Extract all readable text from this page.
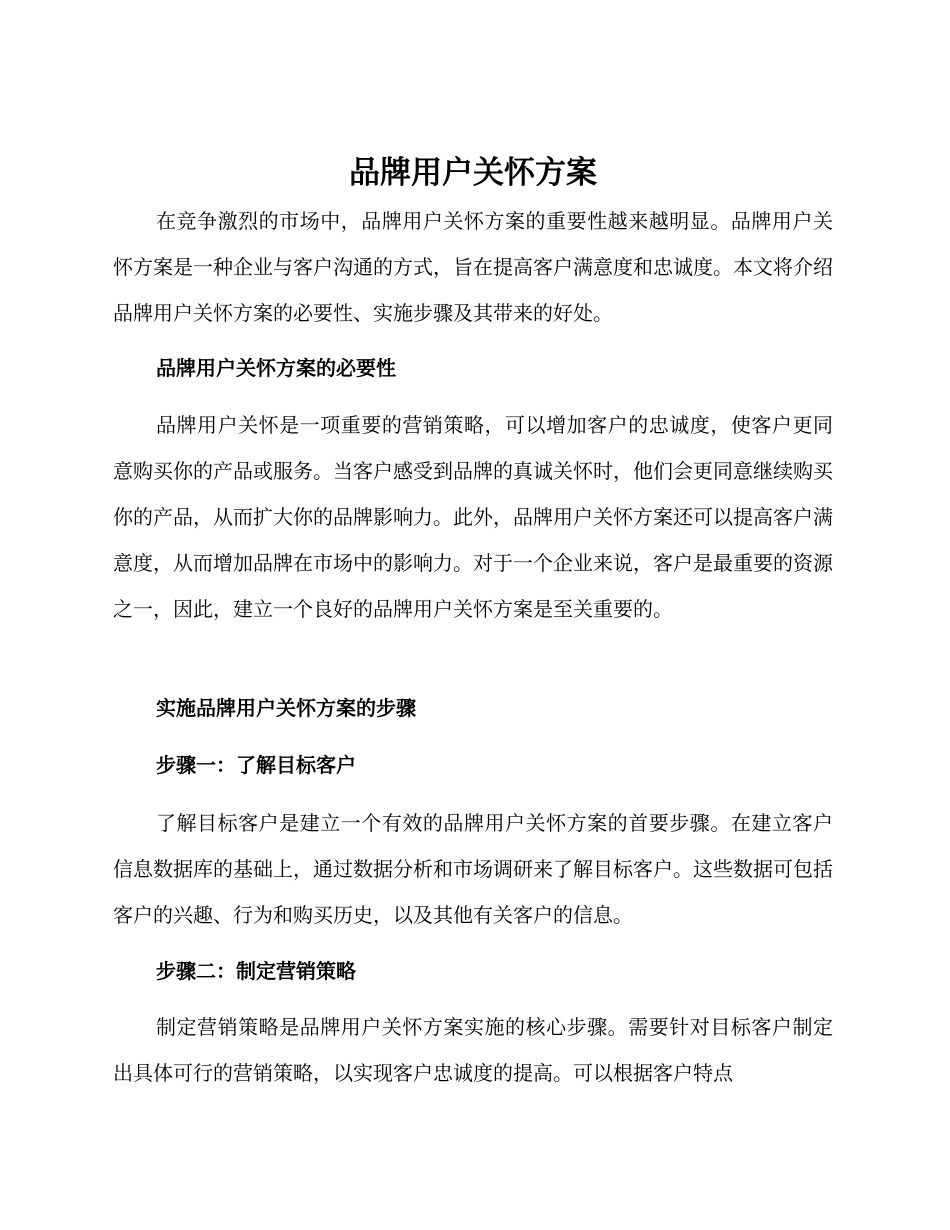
品牌用户关怀方案

在竞争激烈的市场中，品牌用户关怀方案的重要性越来越明显。品牌用户关怀方案是一种企业与客户沟通的方式，旨在提高客户满意度和忠诚度。本文将介绍品牌用户关怀方案的必要性、实施步骤及其带来的好处。

品牌用户关怀方案的必要性

品牌用户关怀是一项重要的营销策略，可以增加客户的忠诚度，使客户更同意购买你的产品或服务。当客户感受到品牌的真诚关怀时，他们会更同意继续购买你的产品，从而扩大你的品牌影响力。此外，品牌用户关怀方案还可以提高客户满意度，从而增加品牌在市场中的影响力。对于一个企业来说，客户是最重要的资源之一，因此，建立一个良好的品牌用户关怀方案是至关重要的。

实施品牌用户关怀方案的步骤

步骤一：了解目标客户

了解目标客户是建立一个有效的品牌用户关怀方案的首要步骤。在建立客户信息数据库的基础上，通过数据分析和市场调研来了解目标客户。这些数据可包括客户的兴趣、行为和购买历史，以及其他有关客户的信息。

步骤二：制定营销策略

制定营销策略是品牌用户关怀方案实施的核心步骤。需要针对目标客户制定出具体可行的营销策略，以实现客户忠诚度的提高。可以根据客户特点
